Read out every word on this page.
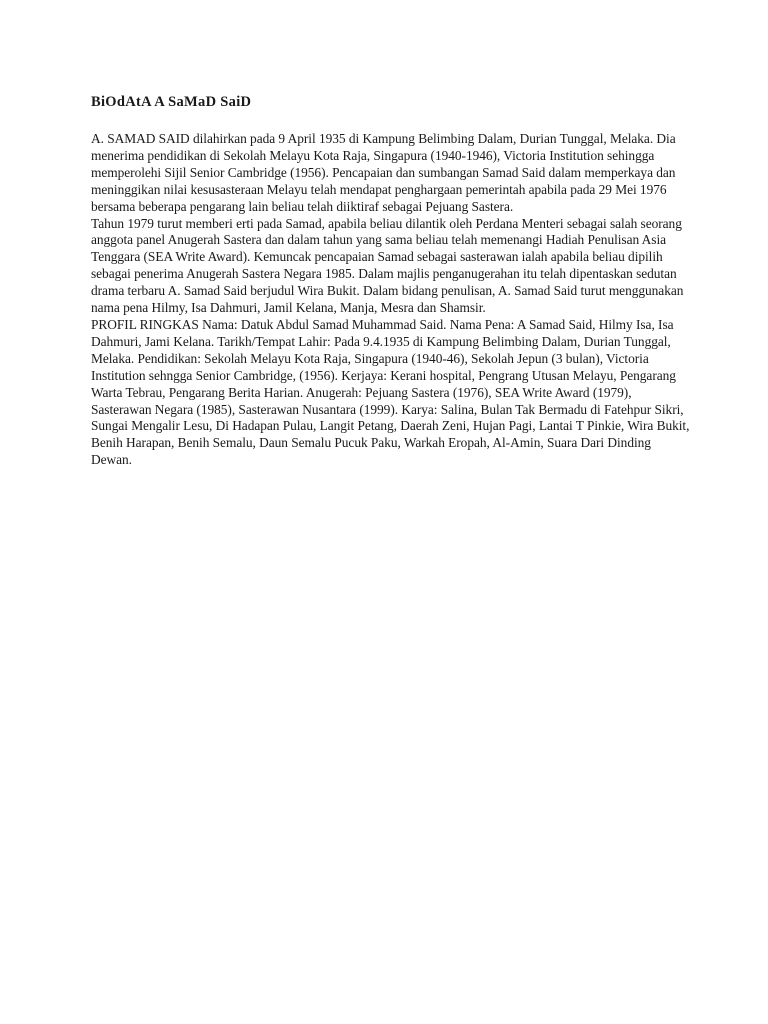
BiOdAtA A SaMaD SaiD

A. SAMAD SAID dilahirkan pada 9 April 1935 di Kampung Belimbing Dalam, Durian Tunggal, Melaka. Dia menerima pendidikan di Sekolah Melayu Kota Raja, Singapura (1940-1946), Victoria Institution sehingga memperolehi Sijil Senior Cambridge (1956). Pencapaian dan sumbangan Samad Said dalam memperkaya dan meninggikan nilai kesusasteraan Melayu telah mendapat penghargaan pemerintah apabila pada 29 Mei 1976 bersama beberapa pengarang lain beliau telah diiktiraf sebagai Pejuang Sastera.

Tahun 1979 turut memberi erti pada Samad, apabila beliau dilantik oleh Perdana Menteri sebagai salah seorang anggota panel Anugerah Sastera dan dalam tahun yang sama beliau telah memenangi Hadiah Penulisan Asia Tenggara (SEA Write Award). Kemuncak pencapaian Samad sebagai sasterawan ialah apabila beliau dipilih sebagai penerima Anugerah Sastera Negara 1985. Dalam majlis penganugerahan itu telah dipentaskan sedutan drama terbaru A. Samad Said berjudul Wira Bukit. Dalam bidang penulisan, A. Samad Said turut menggunakan nama pena Hilmy, Isa Dahmuri, Jamil Kelana, Manja, Mesra dan Shamsir.

PROFIL RINGKAS Nama: Datuk Abdul Samad Muhammad Said. Nama Pena: A Samad Said, Hilmy Isa, Isa Dahmuri, Jami Kelana. Tarikh/Tempat Lahir: Pada 9.4.1935 di Kampung Belimbing Dalam, Durian Tunggal, Melaka. Pendidikan: Sekolah Melayu Kota Raja, Singapura (1940-46), Sekolah Jepun (3 bulan), Victoria Institution sehngga Senior Cambridge, (1956). Kerjaya: Kerani hospital, Pengrang Utusan Melayu, Pengarang Warta Tebrau, Pengarang Berita Harian. Anugerah: Pejuang Sastera (1976), SEA Write Award (1979), Sasterawan Negara (1985), Sasterawan Nusantara (1999). Karya: Salina, Bulan Tak Bermadu di Fatehpur Sikri, Sungai Mengalir Lesu, Di Hadapan Pulau, Langit Petang, Daerah Zeni, Hujan Pagi, Lantai T Pinkie, Wira Bukit, Benih Harapan, Benih Semalu, Daun Semalu Pucuk Paku, Warkah Eropah, Al-Amin, Suara Dari Dinding Dewan.
